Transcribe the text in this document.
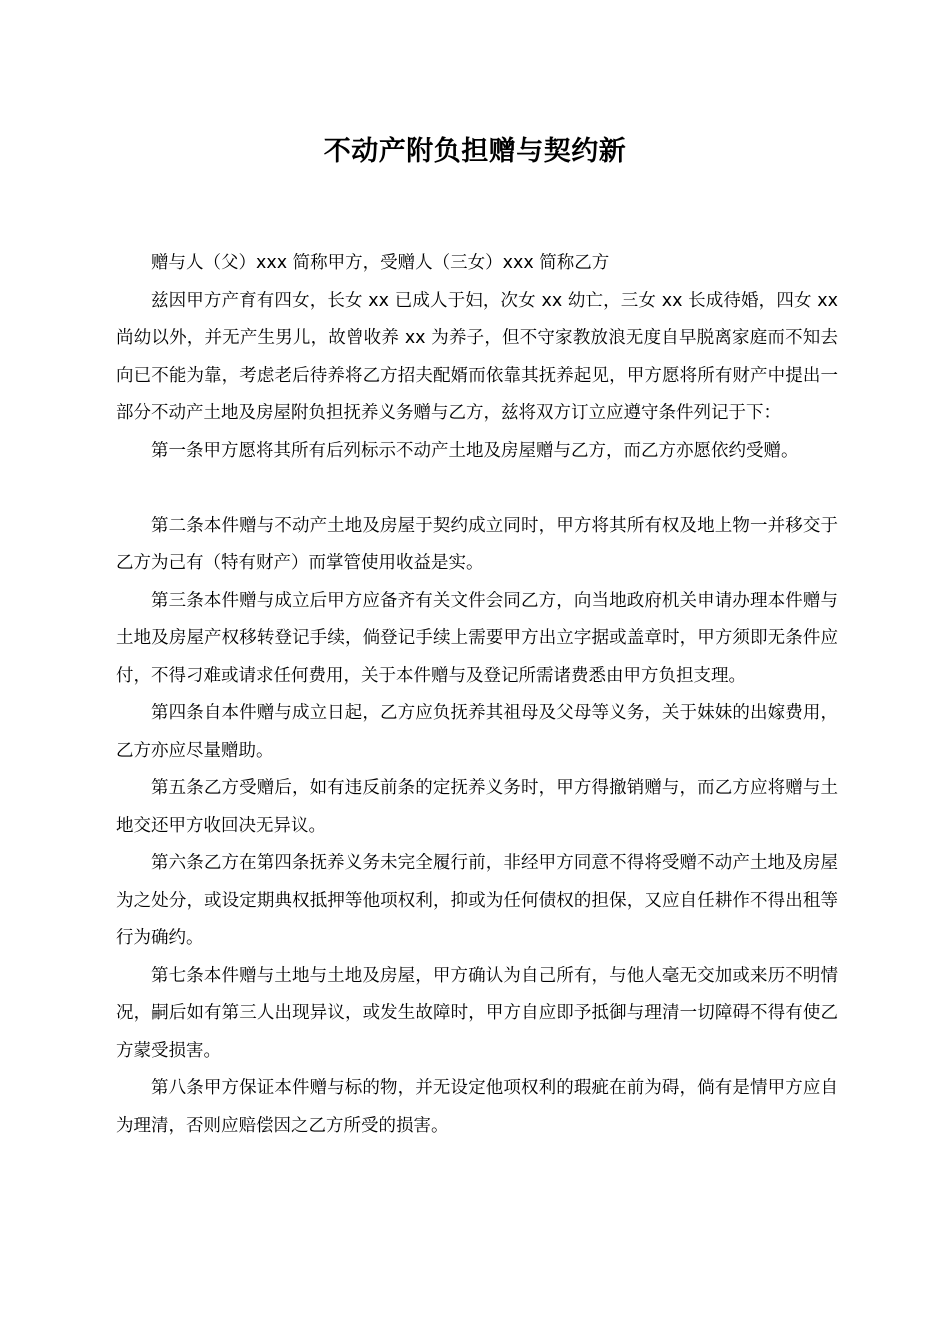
不动产附负担赠与契约新

赠与人（父）xxx 简称甲方，受赠人（三女）xxx 简称乙方

兹因甲方产育有四女，长女 xx 已成人于妇，次女 xx 幼亡，三女 xx 长成待婚，四女 xx 尚幼以外，并无产生男儿，故曾收养 xx 为养子，但不守家教放浪无度自早脱离家庭而不知去向已不能为靠，考虑老后待养将乙方招夫配婿而依靠其抚养起见，甲方愿将所有财产中提出一部分不动产土地及房屋附负担抚养义务赠与乙方，兹将双方订立应遵守条件列记于下：

第一条甲方愿将其所有后列标示不动产土地及房屋赠与乙方，而乙方亦愿依约受赠。

第二条本件赠与不动产土地及房屋于契约成立同时，甲方将其所有权及地上物一并移交于乙方为己有（特有财产）而掌管使用收益是实。

第三条本件赠与成立后甲方应备齐有关文件会同乙方，向当地政府机关申请办理本件赠与土地及房屋产权移转登记手续，倘登记手续上需要甲方出立字据或盖章时，甲方须即无条件应付，不得刁难或请求任何费用，关于本件赠与及登记所需诸费悉由甲方负担支理。

第四条自本件赠与成立日起，乙方应负抚养其祖母及父母等义务，关于妹妹的出嫁费用，乙方亦应尽量赠助。

第五条乙方受赠后，如有违反前条的定抚养义务时，甲方得撤销赠与，而乙方应将赠与土地交还甲方收回决无异议。

第六条乙方在第四条抚养义务未完全履行前，非经甲方同意不得将受赠不动产土地及房屋为之处分，或设定期典权抵押等他项权利，抑或为任何债权的担保，又应自任耕作不得出租等行为确约。

第七条本件赠与土地与土地及房屋，甲方确认为自己所有，与他人毫无交加或来历不明情况，嗣后如有第三人出现异议，或发生故障时，甲方自应即予抵御与理清一切障碍不得有使乙方蒙受损害。

第八条甲方保证本件赠与标的物，并无设定他项权利的瑕疵在前为碍，倘有是情甲方应自为理清，否则应赔偿因之乙方所受的损害。
